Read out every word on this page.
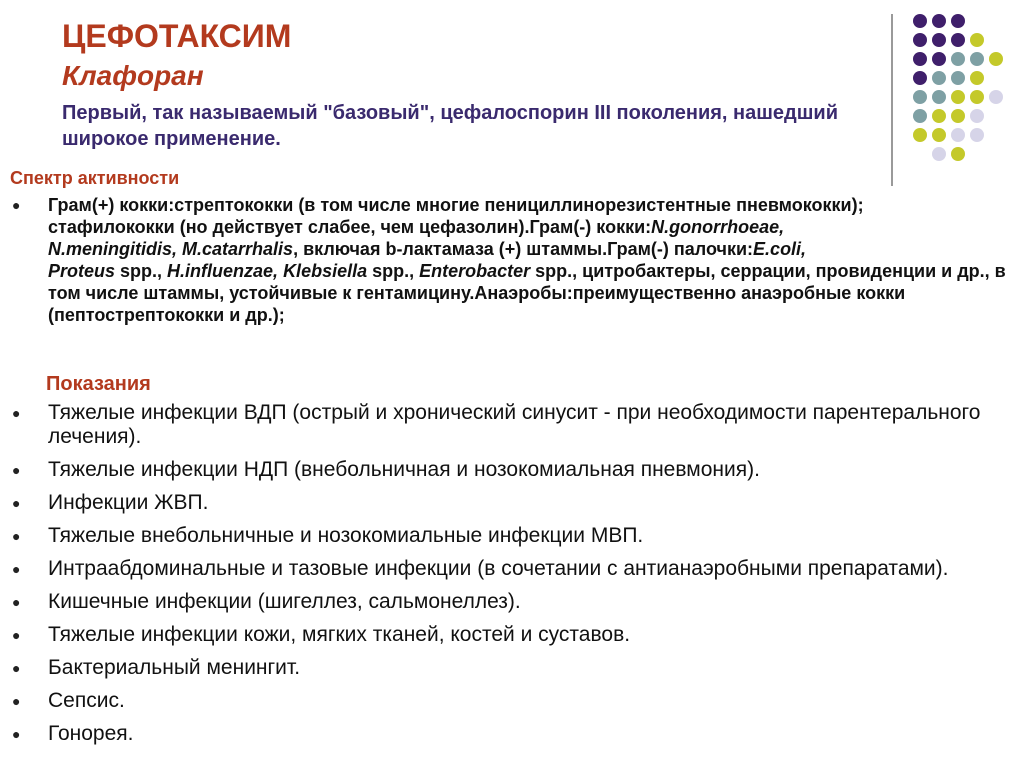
ЦЕФОТАКСИМ
Клафоран
Первый, так называемый "базовый", цефалоспорин III поколения, нашедший широкое применение.
Спектр активности
●	Грам(+) кокки:стрептококки (в том числе многие пенициллинорезистентные пневмококки);
стафилококки (но действует слабее, чем цефазолин).Грам(-) кокки:N.gonorrhoeae,
N.meningitidis, M.catarrhalis, включая b-лактамаза (+) штаммы.Грам(-) палочки:E.coli,
Proteus spp., H.influenzae, Klebsiella spp., Enterobacter spp., цитробактеры, серрации, провиденции и др., в том числе штаммы, устойчивые к гентамицину.Анаэробы:преимущественно анаэробные кокки (пептострептококки и др.);
Показания
●	Тяжелые инфекции ВДП (острый и хронический синусит - при необходимости парентерального лечения).
●	Тяжелые инфекции НДП (внебольничная и нозокомиальная пневмония).
●	Инфекции ЖВП.
●	Тяжелые внебольничные и нозокомиальные инфекции МВП.
●	Интраабдоминальные и тазовые инфекции (в сочетании с антианаэробными препаратами).
●	Кишечные инфекции (шигеллез, сальмонеллез).
●	Тяжелые инфекции кожи, мягких тканей, костей и суставов.
●	Бактериальный менингит.
●	Сепсис.
●	Гонорея.
